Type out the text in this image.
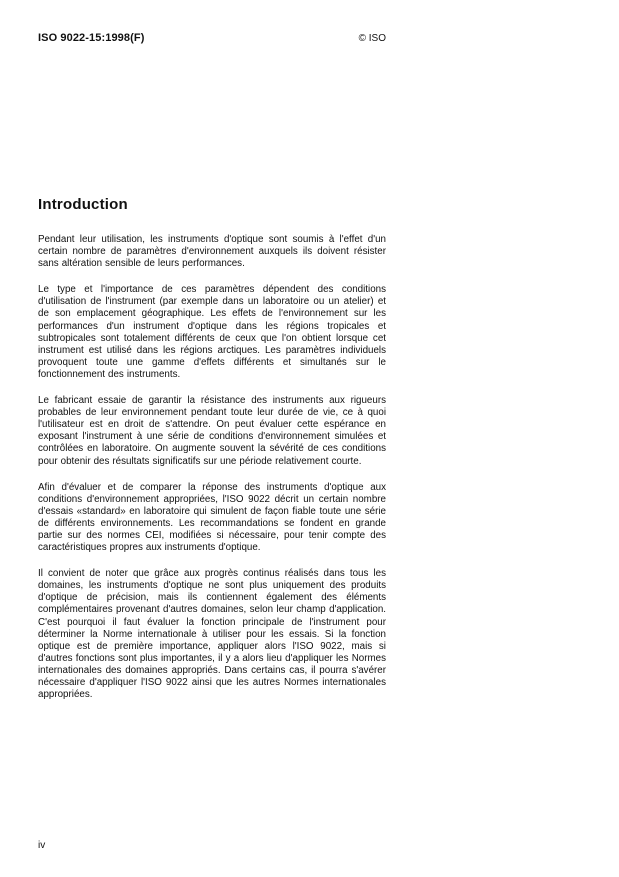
ISO 9022-15:1998(F)	© ISO
Introduction

Pendant leur utilisation, les instruments d'optique sont soumis à l'effet d'un certain nombre de paramètres d'environnement auxquels ils doivent résister sans altération sensible de leurs performances.

Le type et l'importance de ces paramètres dépendent des conditions d'utilisation de l'instrument (par exemple dans un laboratoire ou un atelier) et de son emplacement géographique. Les effets de l'environnement sur les performances d'un instrument d'optique dans les régions tropicales et subtropicales sont totalement différents de ceux que l'on obtient lorsque cet instrument est utilisé dans les régions arctiques. Les paramètres individuels provoquent toute une gamme d'effets différents et simultanés sur le fonctionnement des instruments.

Le fabricant essaie de garantir la résistance des instruments aux rigueurs probables de leur environnement pendant toute leur durée de vie, ce à quoi l'utilisateur est en droit de s'attendre. On peut évaluer cette espérance en exposant l'instrument à une série de conditions d'environnement simulées et contrôlées en laboratoire. On augmente souvent la sévérité de ces conditions pour obtenir des résultats significatifs sur une période relativement courte.

Afin d'évaluer et de comparer la réponse des instruments d'optique aux conditions d'environnement appropriées, l'ISO 9022 décrit un certain nombre d'essais «standard» en laboratoire qui simulent de façon fiable toute une série de différents environnements. Les recommandations se fondent en grande partie sur des normes CEI, modifiées si nécessaire, pour tenir compte des caractéristiques propres aux instruments d'optique.

Il convient de noter que grâce aux progrès continus réalisés dans tous les domaines, les instruments d'optique ne sont plus uniquement des produits d'optique de précision, mais ils contiennent également des éléments complémentaires provenant d'autres domaines, selon leur champ d'application. C'est pourquoi il faut évaluer la fonction principale de l'instrument pour déterminer la Norme internationale à utiliser pour les essais. Si la fonction optique est de première importance, appliquer alors l'ISO 9022, mais si d'autres fonctions sont plus importantes, il y a alors lieu d'appliquer les Normes internationales des domaines appropriés. Dans certains cas, il pourra s'avérer nécessaire d'appliquer l'ISO 9022 ainsi que les autres Normes internationales appropriées.

iv
